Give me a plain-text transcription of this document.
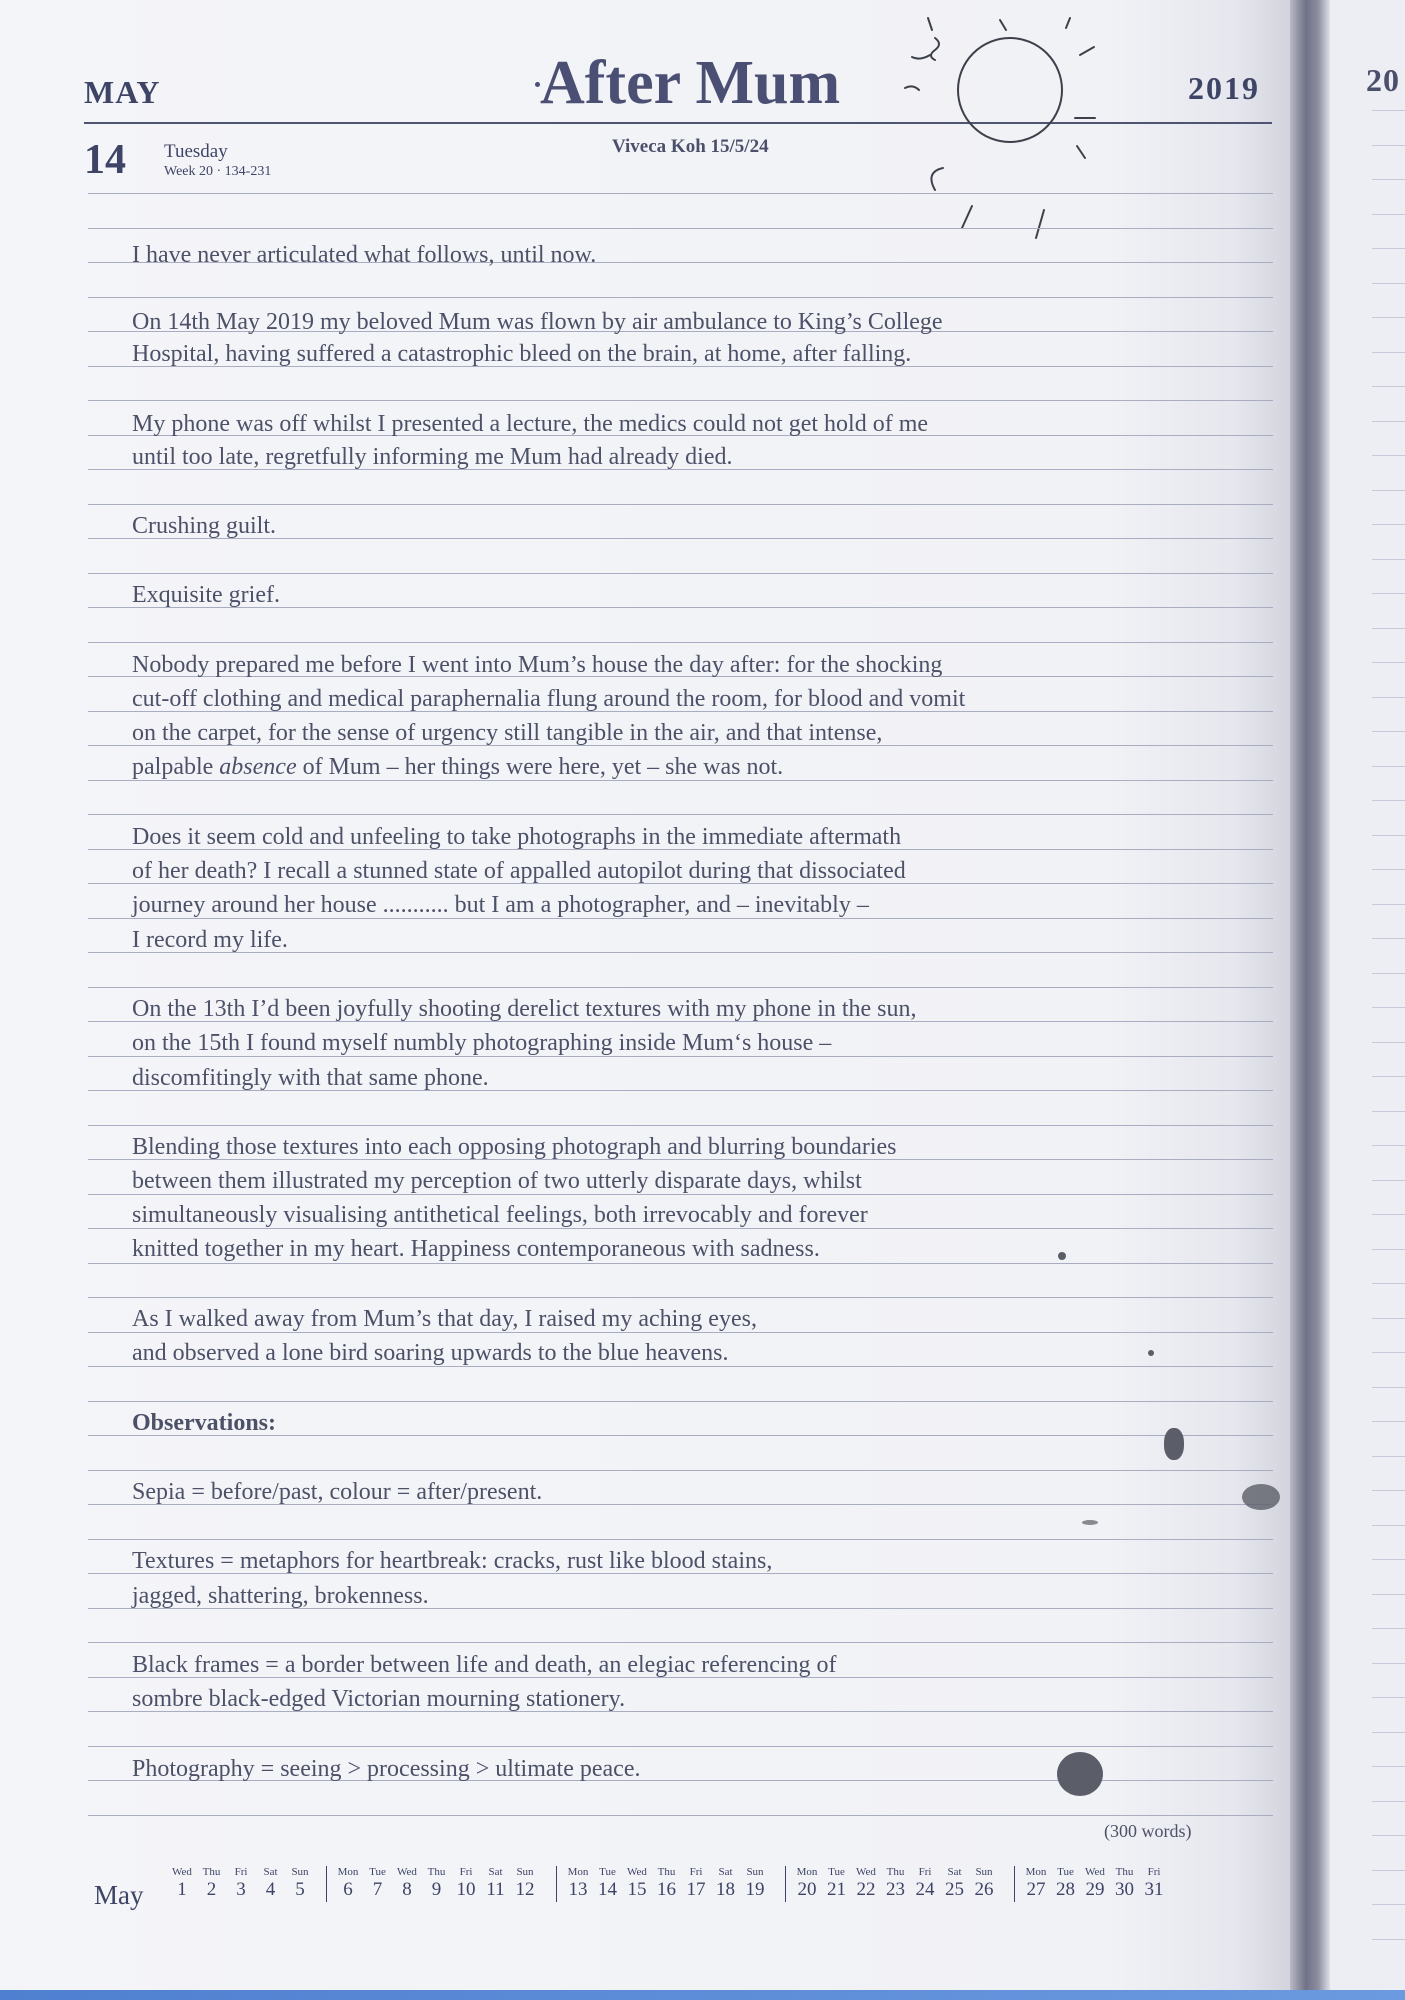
20
MAY	After Mum	2019
14 Tuesday
Week 20 · 134-231
Viveca Koh 15/5/24
I have never articulated what follows, until now.
On 14th May 2019 my beloved Mum was flown by air ambulance to King’s College
Hospital, having suffered a catastrophic bleed on the brain, at home, after falling.
My phone was off whilst I presented a lecture, the medics could not get hold of me
until too late, regretfully informing me Mum had already died.
Crushing guilt.
Exquisite grief.
Nobody prepared me before I went into Mum’s house the day after: for the shocking
cut-off clothing and medical paraphernalia flung around the room, for blood and vomit
on the carpet, for the sense of urgency still tangible in the air, and that intense,
palpable absence of Mum – her things were here, yet – she was not.
Does it seem cold and unfeeling to take photographs in the immediate aftermath
of her death? I recall a stunned state of appalled autopilot during that dissociated
journey around her house ........... but I am a photographer, and – inevitably –
I record my life.
On the 13th I’d been joyfully shooting derelict textures with my phone in the sun,
on the 15th I found myself numbly photographing inside Mum‘s house –
discomfitingly with that same phone.
Blending those textures into each opposing photograph and blurring boundaries
between them illustrated my perception of two utterly disparate days, whilst
simultaneously visualising antithetical feelings, both irrevocably and forever
knitted together in my heart. Happiness contemporaneous with sadness.
As I walked away from Mum’s that day, I raised my aching eyes,
and observed a lone bird soaring upwards to the blue heavens.
Observations:
Sepia = before/past, colour = after/present.
Textures = metaphors for heartbreak: cracks, rust like blood stains,
jagged, shattering, brokenness.
Black frames = a border between life and death, an elegiac referencing of
sombre black-edged Victorian mourning stationery.
Photography = seeing > processing > ultimate peace.
(300 words)
May
Wed
1
Thu
2
Fri
3
Sat
4
Sun
5
Mon
6
Tue
7
Wed
8
Thu
9
Fri
10
Sat
11
Sun
12
Mon
13
Tue
14
Wed
15
Thu
16
Fri
17
Sat
18
Sun
19
Mon
20
Tue
21
Wed
22
Thu
23
Fri
24
Sat
25
Sun
26
Mon
27
Tue
28
Wed
29
Thu
30
Fri
31
